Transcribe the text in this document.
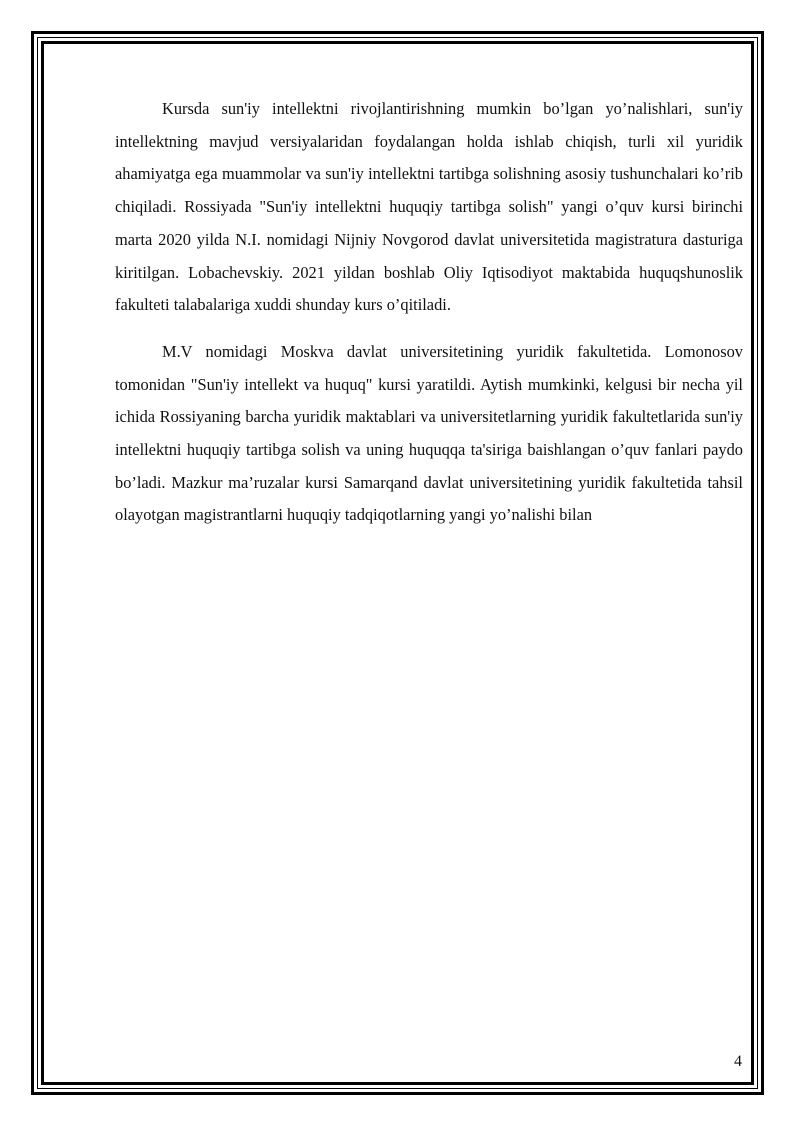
Kursda sun'iy intellektni rivojlantirishning mumkin bo’lgan yo’nalishlari, sun'iy intellektning mavjud versiyalaridan foydalangan holda ishlab chiqish, turli xil yuridik ahamiyatga ega muammolar va sun'iy intellektni tartibga solishning asosiy tushunchalari ko’rib chiqiladi. Rossiyada "Sun'iy intellektni huquqiy tartibga solish" yangi o’quv kursi birinchi marta 2020 yilda N.I. nomidagi Nijniy Novgorod davlat universitetida magistratura dasturiga kiritilgan. Lobachevskiy. 2021 yildan boshlab Oliy Iqtisodiyot maktabida huquqshunoslik fakulteti talabalariga xuddi shunday kurs o’qitiladi.

M.V nomidagi Moskva davlat universitetining yuridik fakultetida. Lomonosov tomonidan "Sun'iy intellekt va huquq" kursi yaratildi. Aytish mumkinki, kelgusi bir necha yil ichida Rossiyaning barcha yuridik maktablari va universitetlarning yuridik fakultetlarida sun'iy intellektni huquqiy tartibga solish va uning huquqqa ta'siriga baishlangan o’quv fanlari paydo bo’ladi. Mazkur ma’ruzalar kursi Samarqand davlat universitetining yuridik fakultetida tahsil olayotgan magistrantlarni huquqiy tadqiqotlarning yangi yo’nalishi bilan

4
